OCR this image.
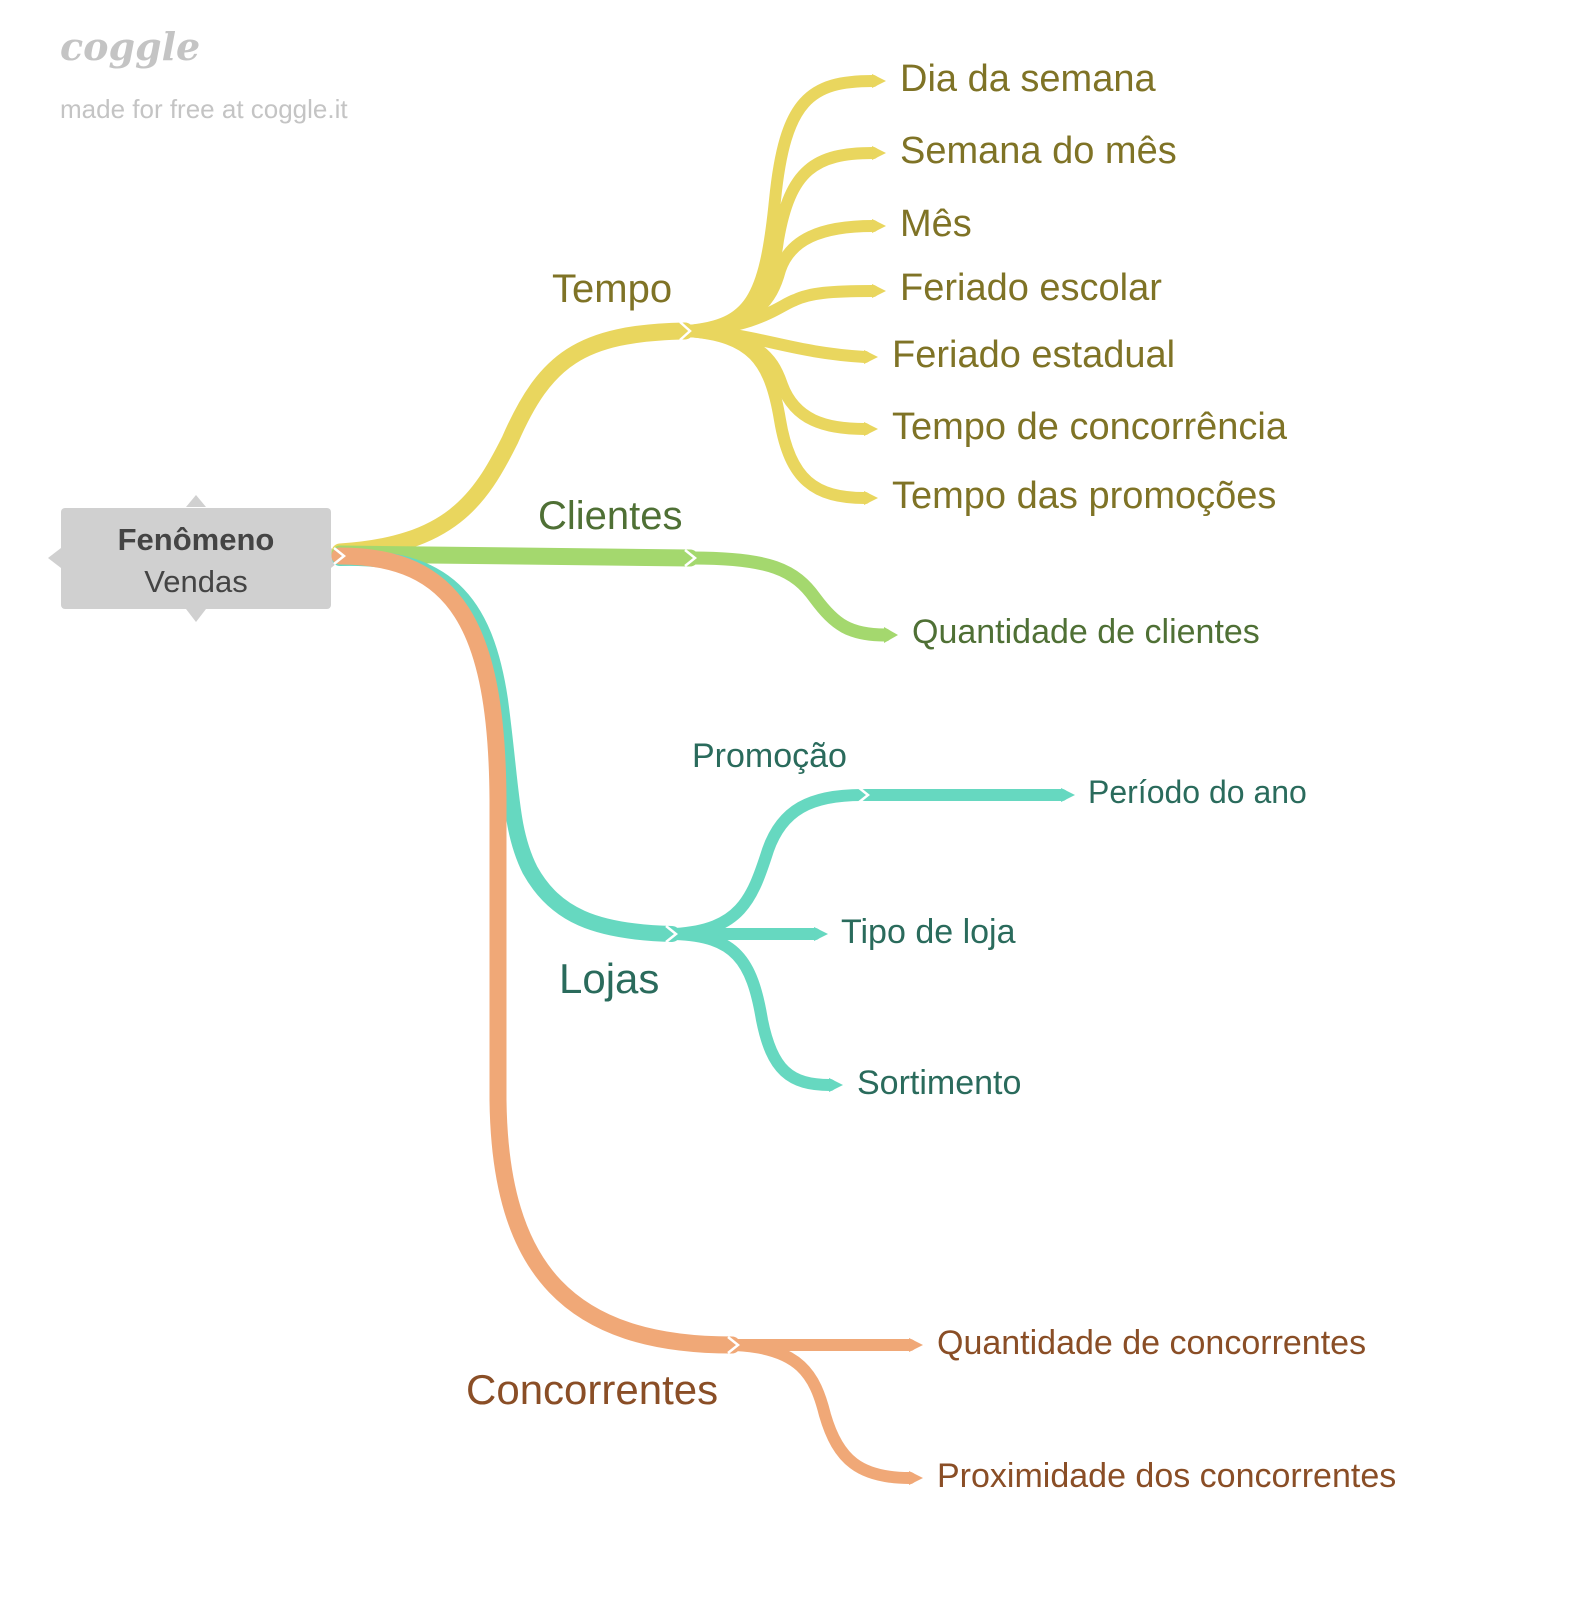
coggle
made for free at coggle.it
Fenômeno
Vendas
Tempo
Dia da semana
Semana do mês
Mês
Feriado escolar
Feriado estadual
Tempo de concorrência
Tempo das promoções
Clientes
Quantidade de clientes
Lojas
Promoção
Período do ano
Tipo de loja
Sortimento
Concorrentes
Quantidade de concorrentes
Proximidade dos concorrentes
